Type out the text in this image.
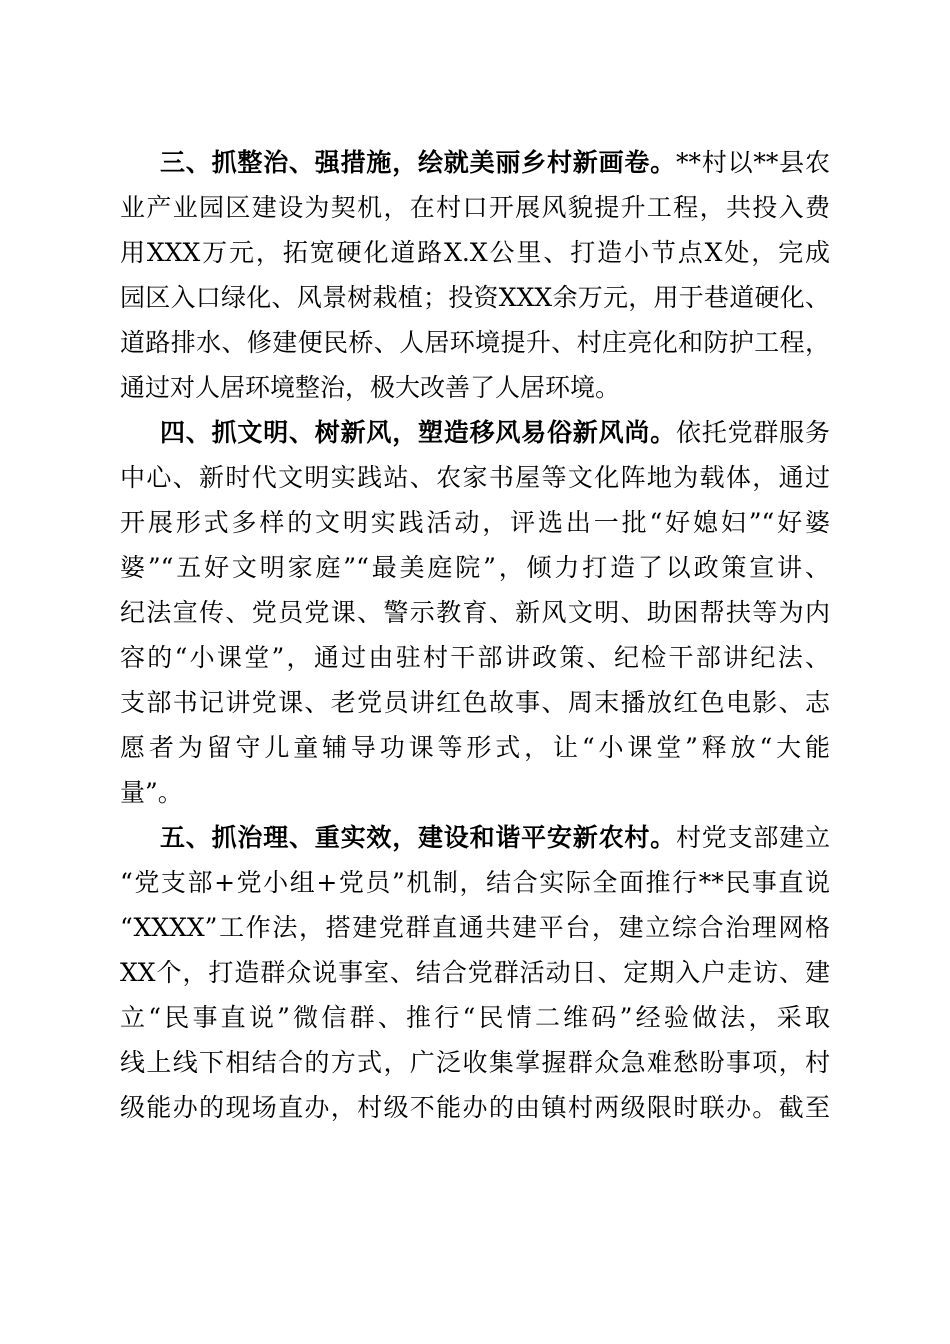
三、抓整治、强措施，绘就美丽乡村新画卷。**村以**县农
业产业园区建设为契机，在村口开展风貌提升工程，共投入费
用XXX万元，拓宽硬化道路X.X公里、打造小节点X处，完成
园区入口绿化、风景树栽植；投资XXX余万元，用于巷道硬化、
道路排水、修建便民桥、人居环境提升、村庄亮化和防护工程，
通过对人居环境整治，极大改善了人居环境。
四、抓文明、树新风，塑造移风易俗新风尚。依托党群服务
中心、新时代文明实践站、农家书屋等文化阵地为载体，通过
开展形式多样的文明实践活动，评选出一批“好媳妇”“好婆
婆”“五好文明家庭”“最美庭院”，倾力打造了以政策宣讲、
纪法宣传、党员党课、警示教育、新风文明、助困帮扶等为内
容的“小课堂”，通过由驻村干部讲政策、纪检干部讲纪法、
支部书记讲党课、老党员讲红色故事、周末播放红色电影、志
愿者为留守儿童辅导功课等形式，让“小课堂”释放“大能
量”。
五、抓治理、重实效，建设和谐平安新农村。村党支部建立
“党支部+党小组+党员”机制，结合实际全面推行**民事直说
“XXXX”工作法，搭建党群直通共建平台，建立综合治理网格
XX个，打造群众说事室、结合党群活动日、定期入户走访、建
立“民事直说”微信群、推行“民情二维码”经验做法，采取
线上线下相结合的方式，广泛收集掌握群众急难愁盼事项，村
级能办的现场直办，村级不能办的由镇村两级限时联办。截至
